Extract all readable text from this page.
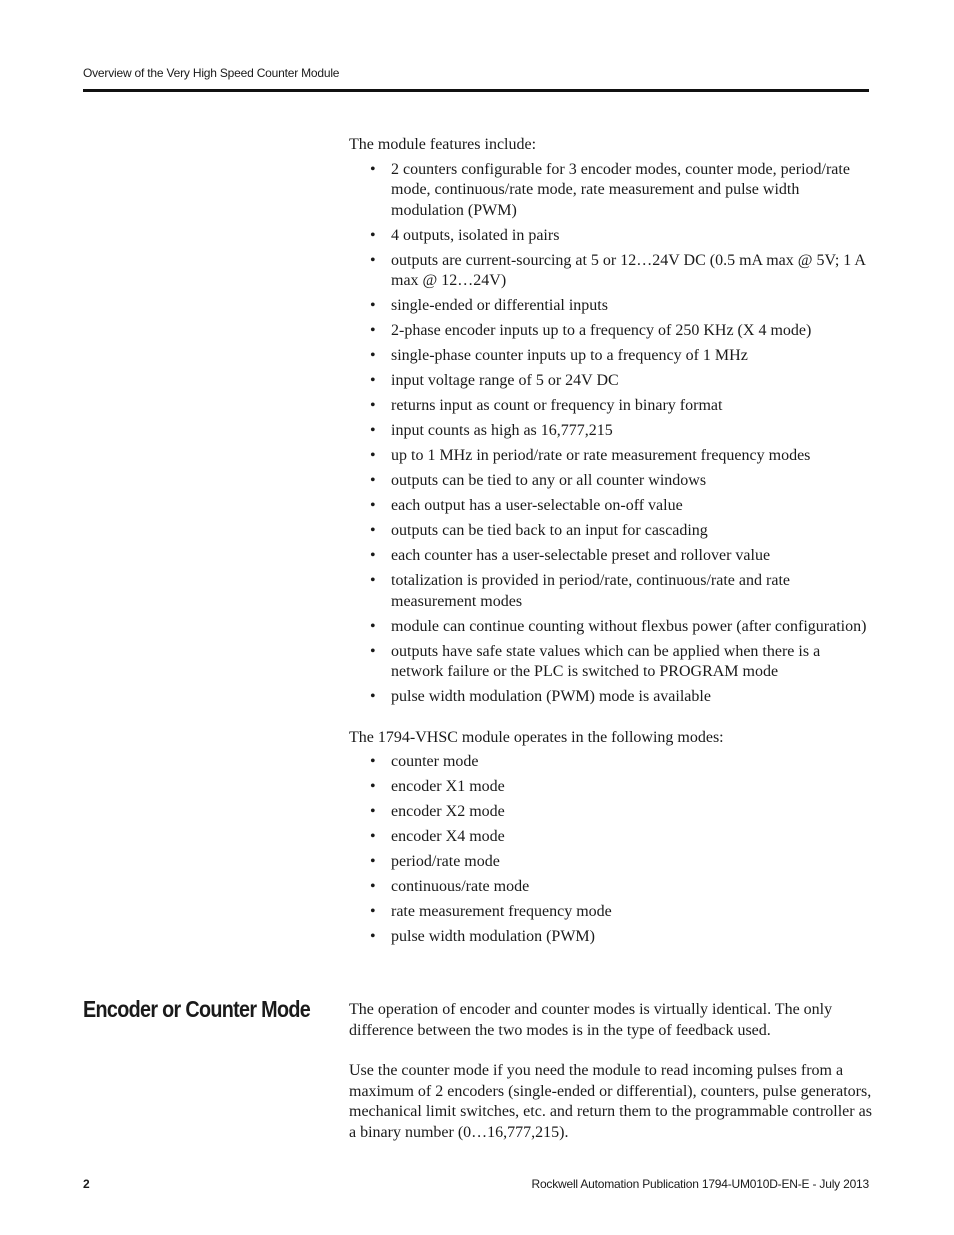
Overview of the Very High Speed Counter Module

The module features include:

• 2 counters configurable for 3 encoder modes, counter mode, period/rate mode, continuous/rate mode, rate measurement and pulse width modulation (PWM)
• 4 outputs, isolated in pairs
• outputs are current-sourcing at 5 or 12…24V DC (0.5 mA max @ 5V; 1 A max @ 12…24V)
• single-ended or differential inputs
• 2-phase encoder inputs up to a frequency of 250 KHz (X 4 mode)
• single-phase counter inputs up to a frequency of 1 MHz
• input voltage range of 5 or 24V DC
• returns input as count or frequency in binary format
• input counts as high as 16,777,215
• up to 1 MHz in period/rate or rate measurement frequency modes
• outputs can be tied to any or all counter windows
• each output has a user-selectable on-off value
• outputs can be tied back to an input for cascading
• each counter has a user-selectable preset and rollover value
• totalization is provided in period/rate, continuous/rate and rate measurement modes
• module can continue counting without flexbus power (after configuration)
• outputs have safe state values which can be applied when there is a network failure or the PLC is switched to PROGRAM mode
• pulse width modulation (PWM) mode is available

The 1794-VHSC module operates in the following modes:

• counter mode
• encoder X1 mode
• encoder X2 mode
• encoder X4 mode
• period/rate mode
• continuous/rate mode
• rate measurement frequency mode
• pulse width modulation (PWM)
Encoder or Counter Mode The operation of encoder and counter modes is virtually identical. The only difference between the two modes is in the type of feedback used.

Use the counter mode if you need the module to read incoming pulses from a maximum of 2 encoders (single-ended or differential), counters, pulse generators, mechanical limit switches, etc. and return them to the programmable controller as a binary number (0…16,777,215).

2	Rockwell Automation Publication 1794-UM010D-EN-E - July 2013
